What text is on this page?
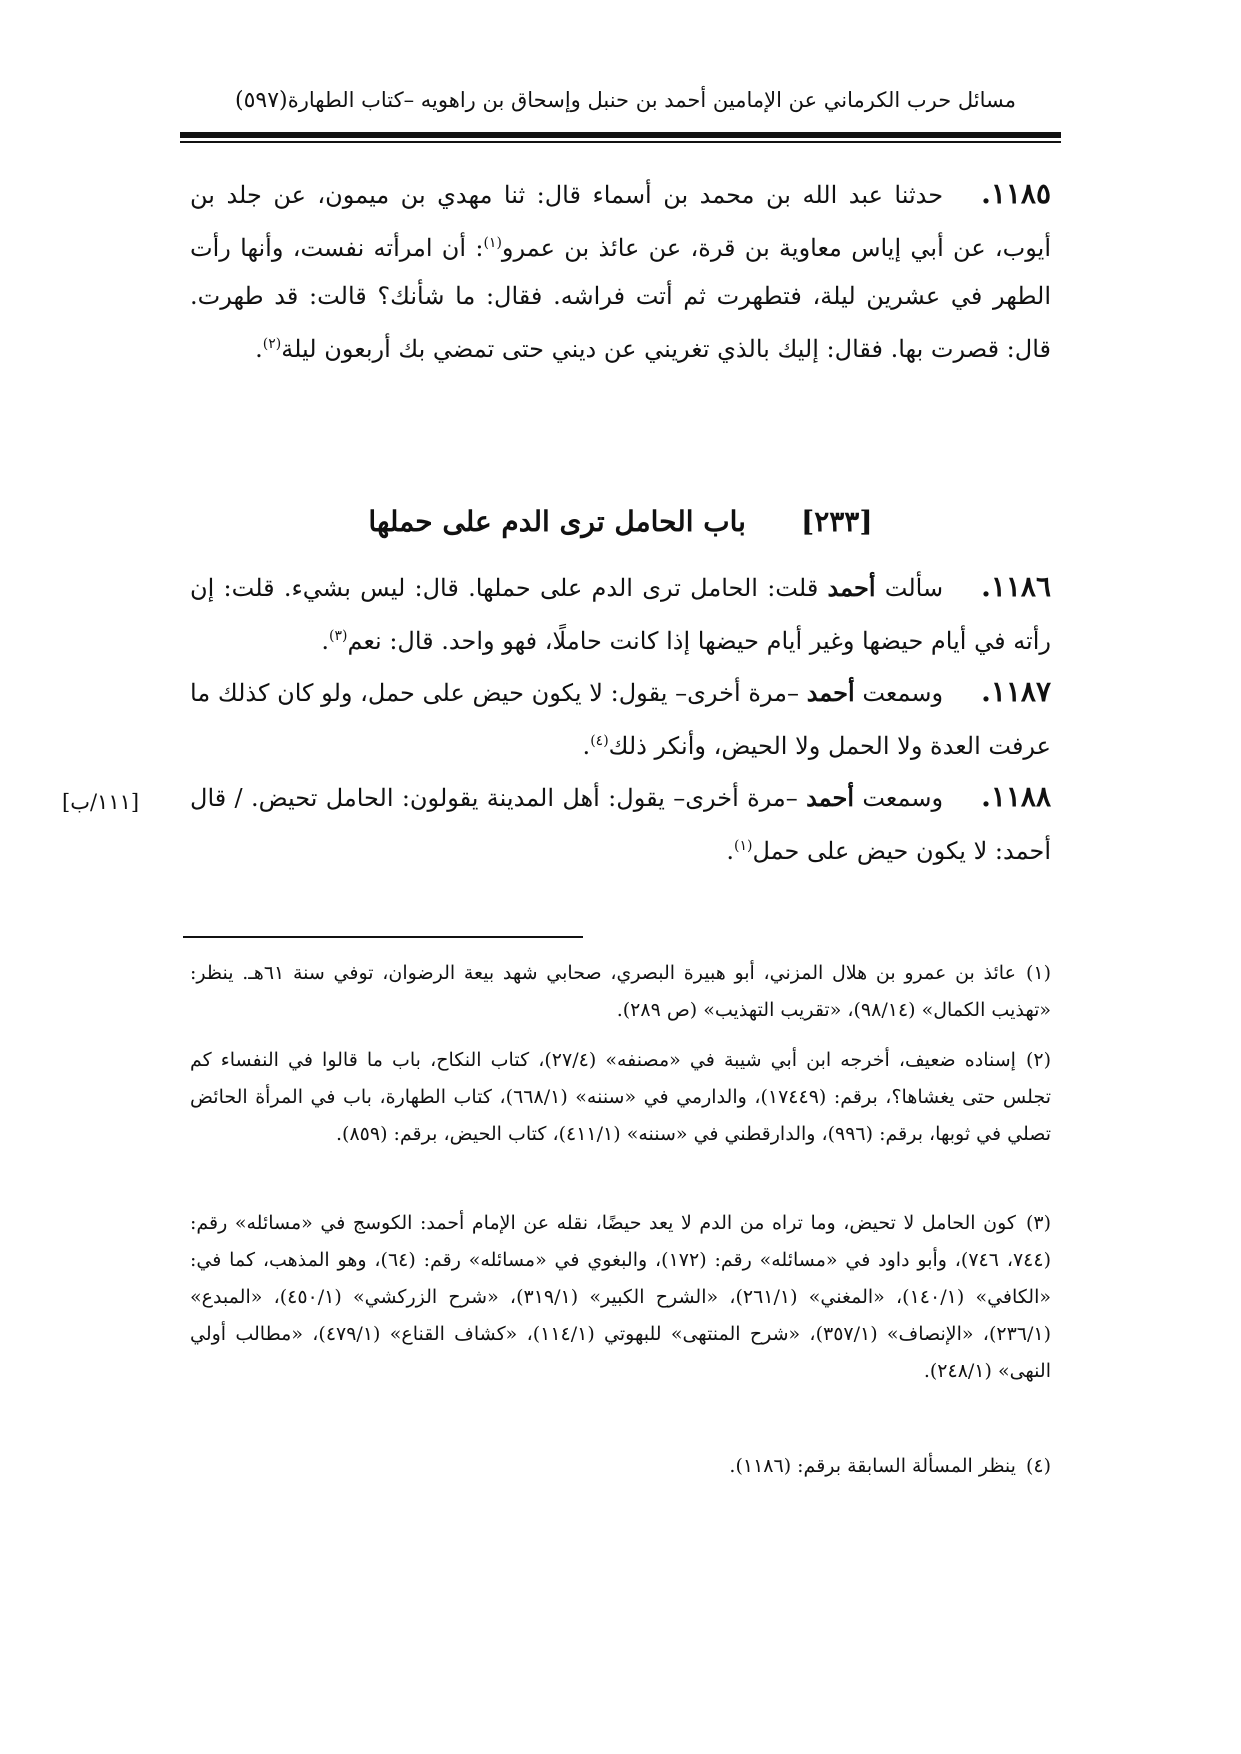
مسائل حرب الكرماني عن الإمامين أحمد بن حنبل وإسحاق بن راهويه –كتاب الطهارة
(٥٩٧)
١١٨٥.حدثنا عبد الله بن محمد بن أسماء قال: ثنا مهدي بن ميمون، عن جلد بن أيوب، عن أبي إياس معاوية بن قرة، عن عائذ بن عمرو$^{(١)}$: أن امرأته نفست، وأنها رأت الطهر في عشرين ليلة، فتطهرت ثم أتت فراشه. فقال: ما شأنك؟ قالت: قد طهرت. قال: قصرت بها. فقال: إليك بالذي تغريني عن ديني حتى تمضي بك أربعون ليلة$^{(٢)}$.
[٢٣٣]باب الحامل ترى الدم على حملها
١١٨٦.سألت أحمد قلت: الحامل ترى الدم على حملها. قال: ليس بشيء. قلت: إن رأته في أيام حيضها وغير أيام حيضها إذا كانت حاملًا، فهو واحد. قال: نعم$^{(٣)}$.
١١٨٧.وسمعت أحمد –مرة أخرى– يقول: لا يكون حيض على حمل، ولو كان كذلك ما عرفت العدة ولا الحمل ولا الحيض، وأنكر ذلك$^{(٤)}$.
١١٨٨.وسمعت أحمد –مرة أخرى– يقول: أهل المدينة يقولون: الحامل تحيض. / قال أحمد: لا يكون حيض على حمل$^{(١)}$.
[١١١/ب]
(١)عائذ بن عمرو بن هلال المزني، أبو هبيرة البصري، صحابي شهد بيعة الرضوان، توفي سنة ٦١هـ. ينظر: «تهذيب الكمال» (٩٨/١٤)، «تقريب التهذيب» (ص ٢٨٩).
(٢)إسناده ضعيف، أخرجه ابن أبي شيبة في «مصنفه» (٢٧/٤)، كتاب النكاح، باب ما قالوا في النفساء كم تجلس حتى يغشاها؟، برقم: (١٧٤٤٩)، والدارمي في «سننه» (٦٦٨/١)، كتاب الطهارة، باب في المرأة الحائض تصلي في ثوبها، برقم: (٩٩٦)، والدارقطني في «سننه» (٤١١/١)، كتاب الحيض، برقم: (٨٥٩).
(٣)كون الحامل لا تحيض، وما تراه من الدم لا يعد حيضًا، نقله عن الإمام أحمد: الكوسج في «مسائله» رقم: (٧٤٤، ٧٤٦)، وأبو داود في «مسائله» رقم: (١٧٢)، والبغوي في «مسائله» رقم: (٦٤)، وهو المذهب، كما في: «الكافي» (١٤٠/١)، «المغني» (٢٦١/١)، «الشرح الكبير» (٣١٩/١)، «شرح الزركشي» (٤٥٠/١)، «المبدع» (٢٣٦/١)، «الإنصاف» (٣٥٧/١)، «شرح المنتهى» للبهوتي (١١٤/١)، «كشاف القناع» (٤٧٩/١)، «مطالب أولي النهى» (٢٤٨/١).
(٤)ينظر المسألة السابقة برقم: (١١٨٦).
